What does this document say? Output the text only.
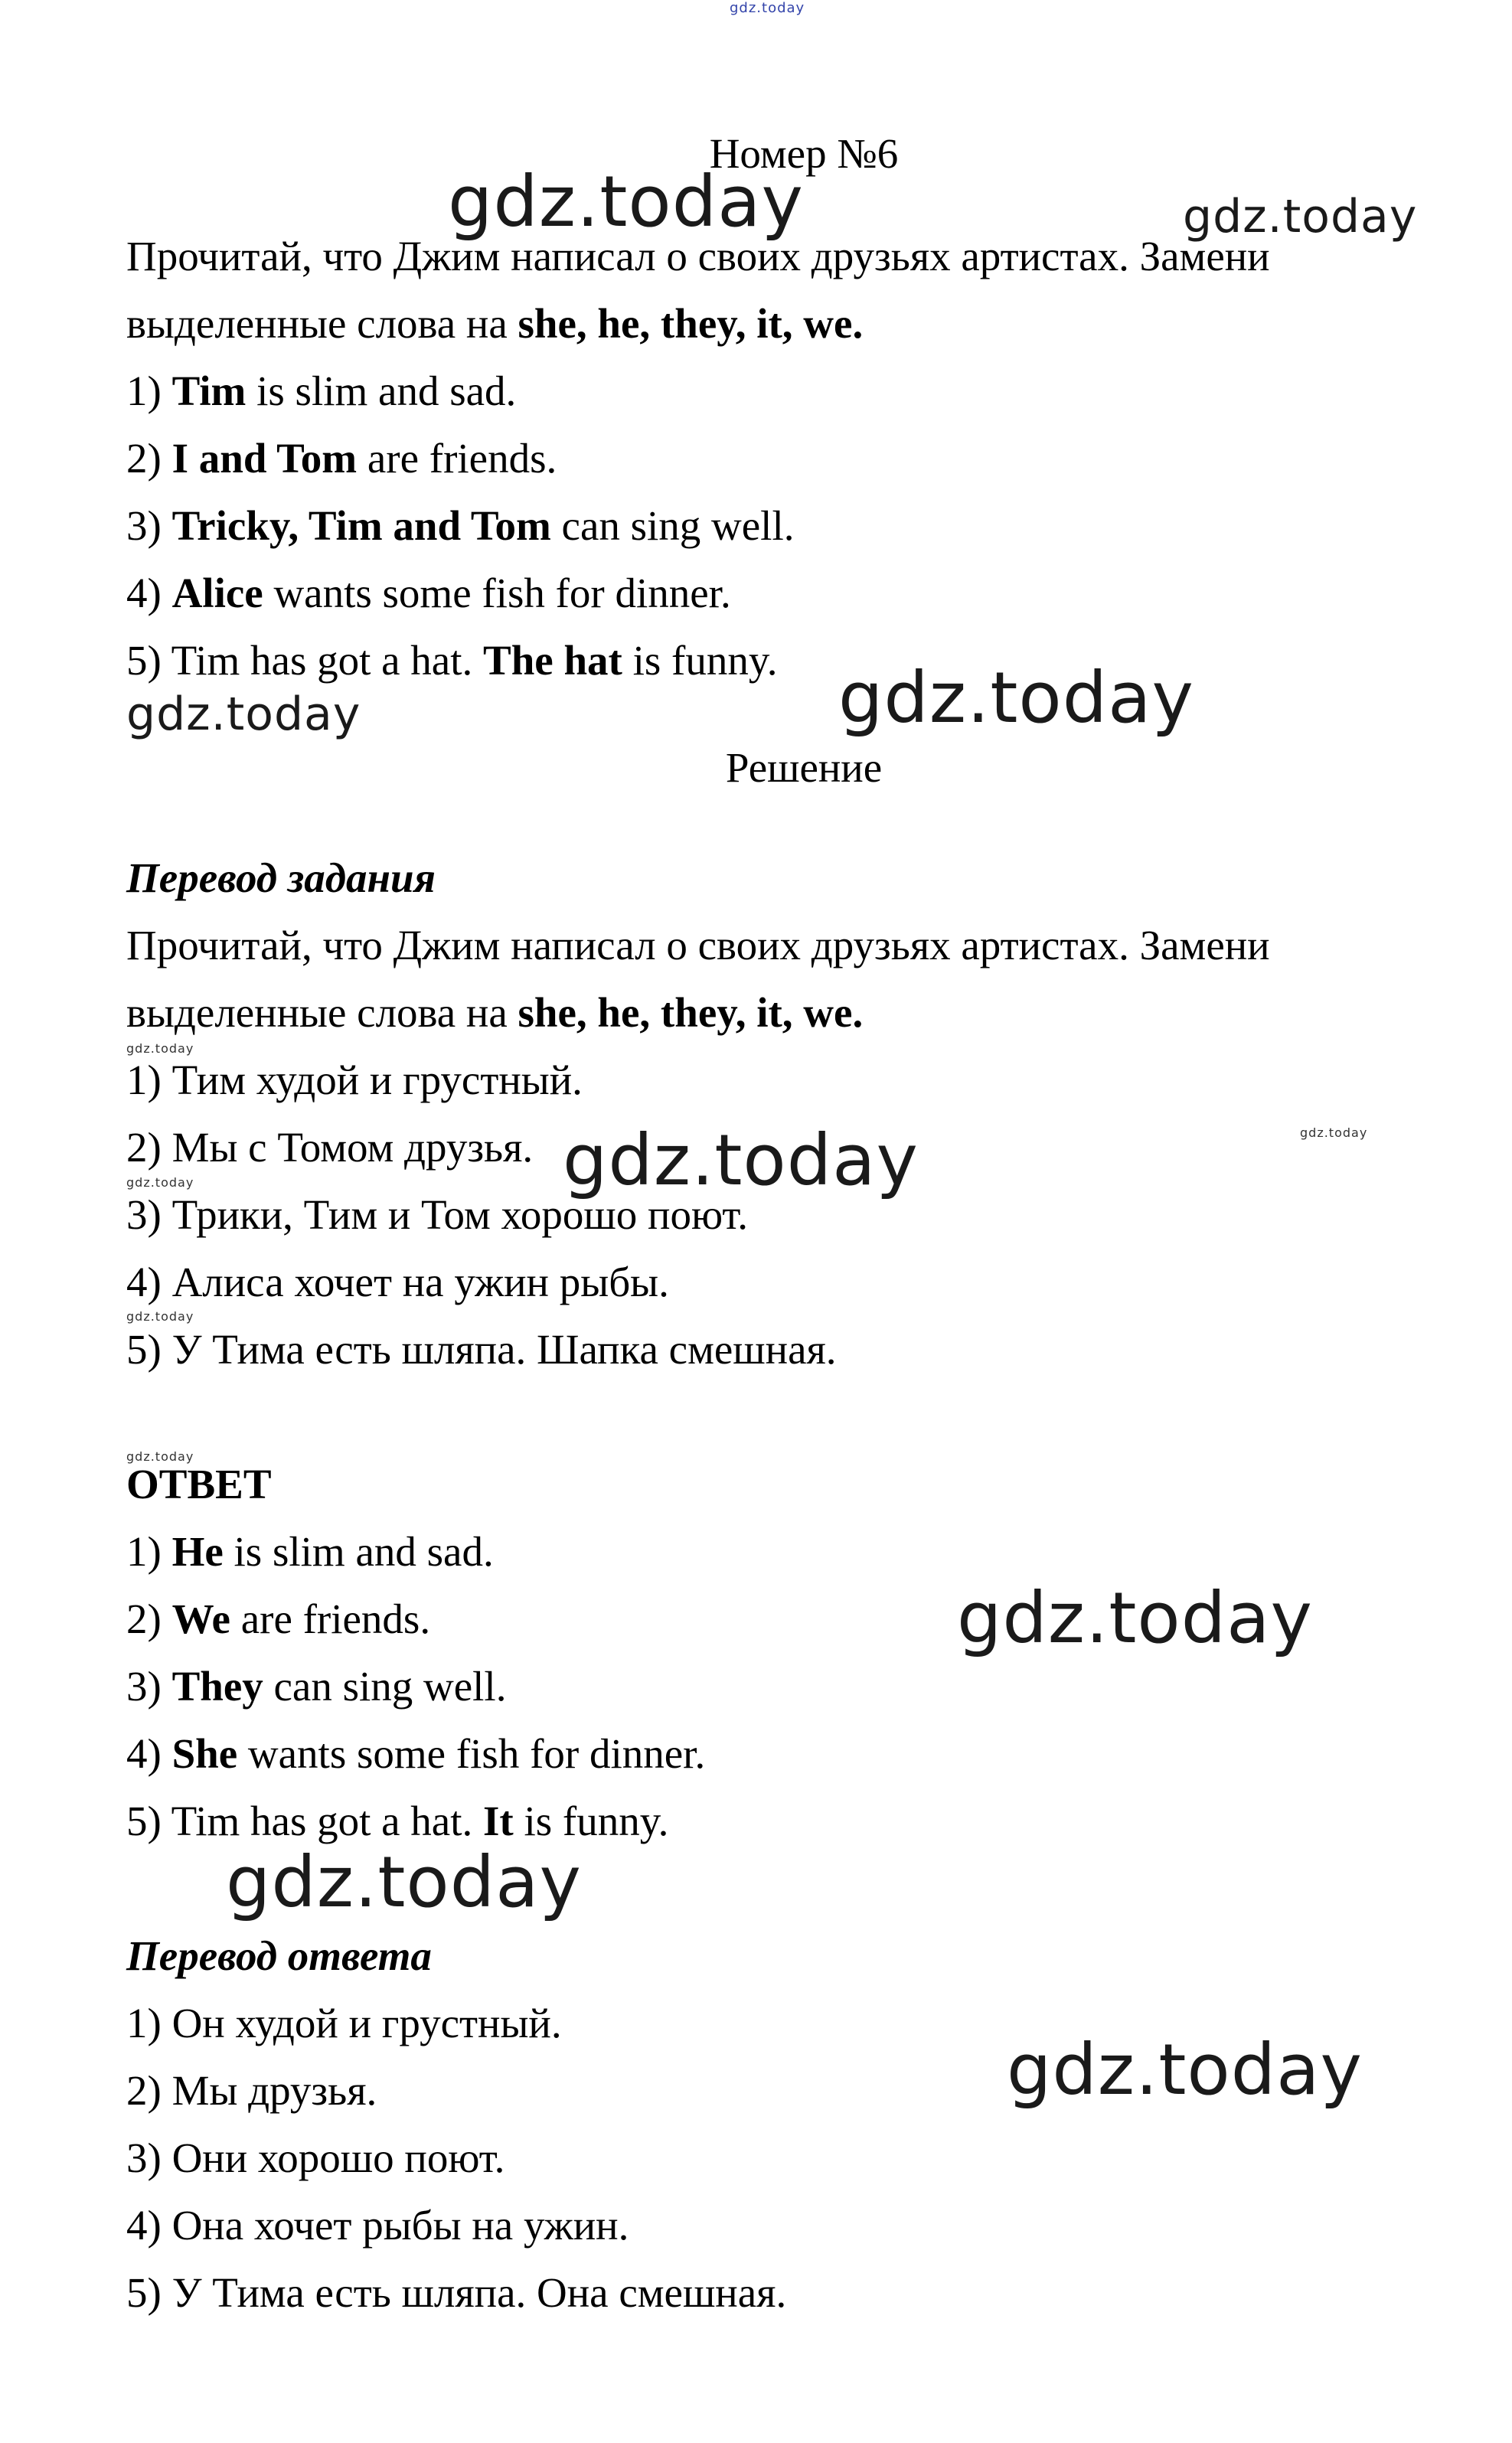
gdz.today
gdz.today	gdz.today
gdz.today	gdz.today
gdz.today
gdz.today	gdz.today
gdz.today
gdz.today
gdz.today
gdz.today
gdz.today
gdz.today
Номер №6
Прочитай, что Джим написал о своих друзьях артистах. Замени
выделенные слова на she, he, they, it, we.
1) Tim is slim and sad.
2) I and Tom are friends.
3) Tricky, Tim and Tom can sing well.
4) Alice wants some fish for dinner.
5) Tim has got a hat. The hat is funny.
Решение
Перевод задания
Прочитай, что Джим написал о своих друзьях артистах. Замени
выделенные слова на she, he, they, it, we.
1) Тим худой и грустный.
2) Мы с Томом друзья.
3) Трики, Тим и Том хорошо поют.
4) Алиса хочет на ужин рыбы.
5) У Тима есть шляпа. Шапка смешная.
ОТВЕТ
1) He is slim and sad.
2) We are friends.
3) They can sing well.
4) She wants some fish for dinner.
5) Tim has got a hat. It is funny.
Перевод ответа
1) Он худой и грустный.
2) Мы друзья.
3) Они хорошо поют.
4) Она хочет рыбы на ужин.
5) У Тима есть шляпа. Она смешная.
